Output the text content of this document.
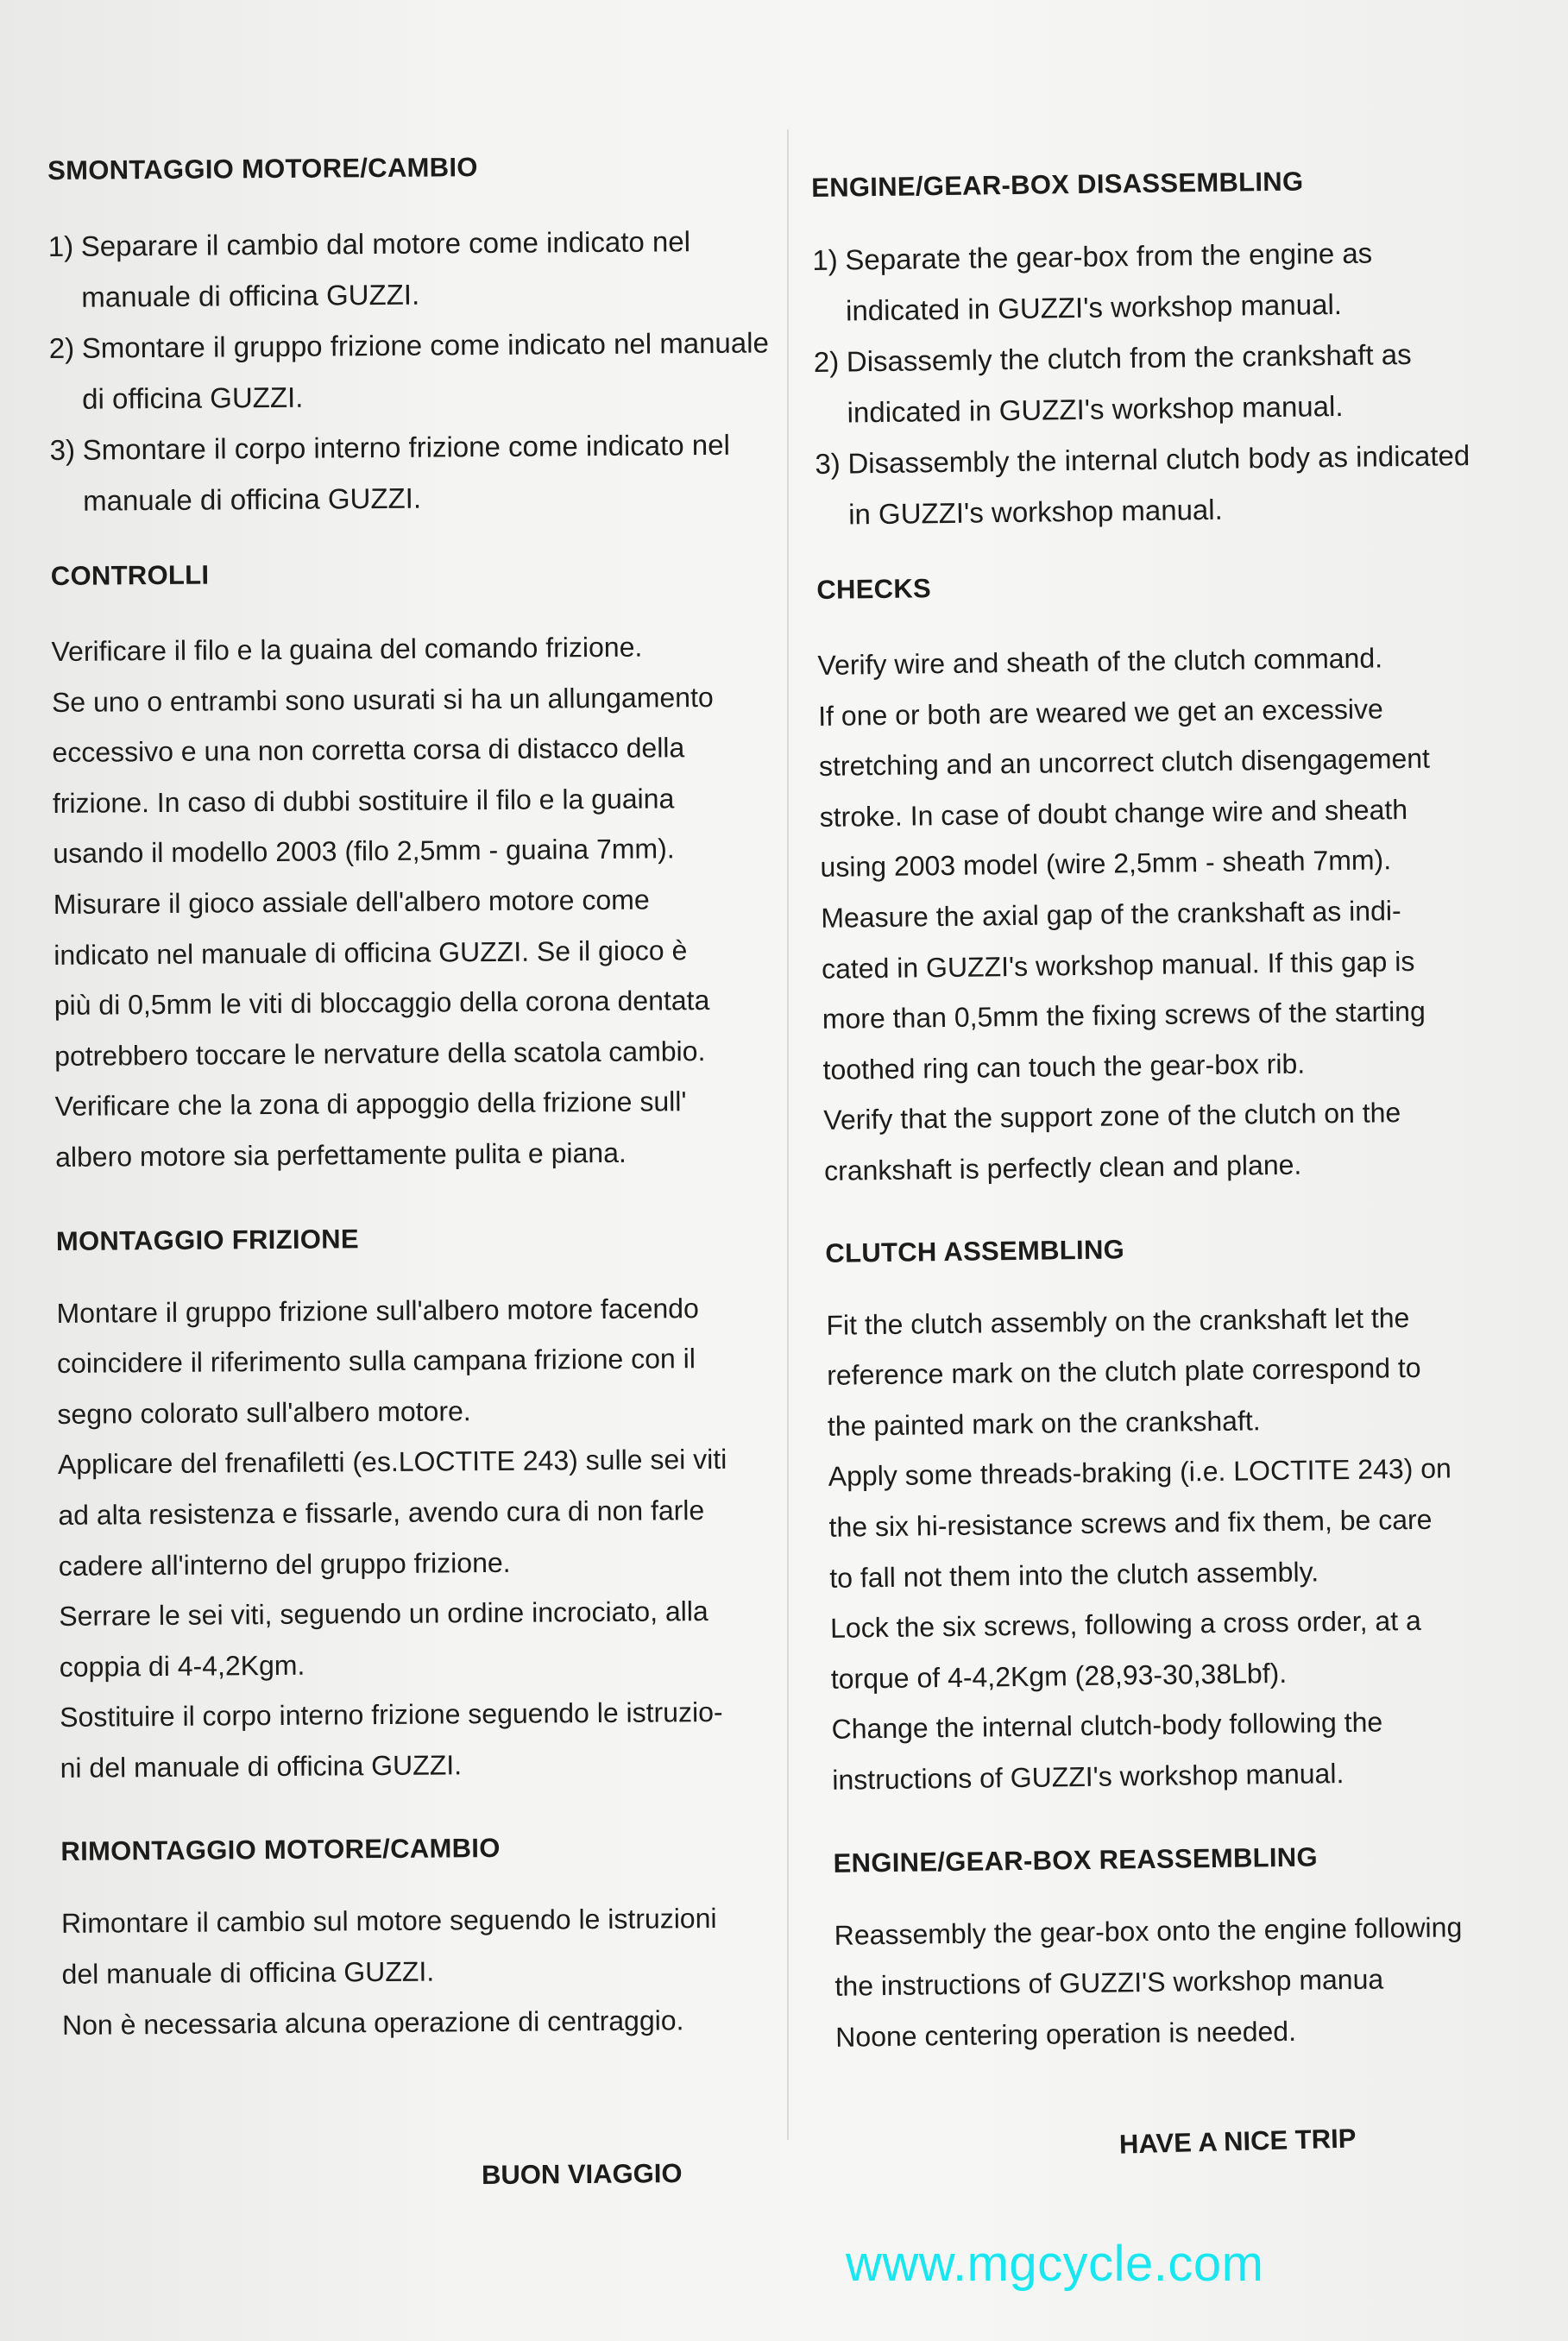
SMONTAGGIO MOTORE/CAMBIO
1) Separare il cambio dal motore come indicato nel manuale di officina GUZZI.
2) Smontare il gruppo frizione come indicato nel manuale di officina GUZZI.
3) Smontare il corpo interno frizione come indicato nel manuale di officina GUZZI.
CONTROLLI

Verificare il filo e la guaina del comando frizione.

Se uno o entrambi sono usurati si ha un allungamento

eccessivo e una non corretta corsa di distacco della

frizione. In caso di dubbi sostituire il filo e la guaina

usando il modello 2003 (filo 2,5mm - guaina 7mm).

Misurare il gioco assiale dell'albero motore come

indicato nel manuale di officina GUZZI. Se il gioco è

più di 0,5mm le viti di bloccaggio della corona dentata

potrebbero toccare le nervature della scatola cambio.

Verificare che la zona di appoggio della frizione sull'

albero motore sia perfettamente pulita e piana.

MONTAGGIO FRIZIONE

Montare il gruppo frizione sull'albero motore facendo

coincidere il riferimento sulla campana frizione con il

segno colorato sull'albero motore.

Applicare del frenafiletti (es.LOCTITE 243) sulle sei viti

ad alta resistenza e fissarle, avendo cura di non farle

cadere all'interno del gruppo frizione.

Serrare le sei viti, seguendo un ordine incrociato, alla

coppia di 4-4,2Kgm.

Sostituire il corpo interno frizione seguendo le istruzio-

ni del manuale di officina GUZZI.

RIMONTAGGIO MOTORE/CAMBIO

Rimontare il cambio sul motore seguendo le istruzioni

del manuale di officina GUZZI.

Non è necessaria alcuna operazione di centraggio.

ENGINE/GEAR-BOX DISASSEMBLING
1) Separate the gear-box from the engine as indicated in GUZZI's workshop manual.
2) Disassemly the clutch from the crankshaft as indicated in GUZZI's workshop manual.
3) Disassembly the internal clutch body as indicated in GUZZI's workshop manual.
CHECKS

Verify wire and sheath of the clutch command.

If one or both are weared we get an excessive

stretching and an uncorrect clutch disengagement

stroke. In case of doubt change wire and sheath

using 2003 model (wire 2,5mm - sheath 7mm).

Measure the axial gap of the crankshaft as indi-

cated in GUZZI's workshop manual. If this gap is

more than 0,5mm the fixing screws of the starting

toothed ring can touch the gear-box rib.

Verify that the support zone of the clutch on the

crankshaft is perfectly clean and plane.

CLUTCH ASSEMBLING

Fit the clutch assembly on the crankshaft let the

reference mark on the clutch plate correspond to

the painted mark on the crankshaft.

Apply some threads-braking (i.e. LOCTITE 243) on

the six hi-resistance screws and fix them, be care

to fall not them into the clutch assembly.

Lock the six screws, following a cross order, at a

torque of 4-4,2Kgm (28,93-30,38Lbf).

Change the internal clutch-body following the

instructions of GUZZI's workshop manual.

ENGINE/GEAR-BOX REASSEMBLING

Reassembly the gear-box onto the engine following

the instructions of GUZZI'S workshop manua

Noone centering operation is needed.

BUON VIAGGIO
HAVE A NICE TRIP
www.mgcycle.com
